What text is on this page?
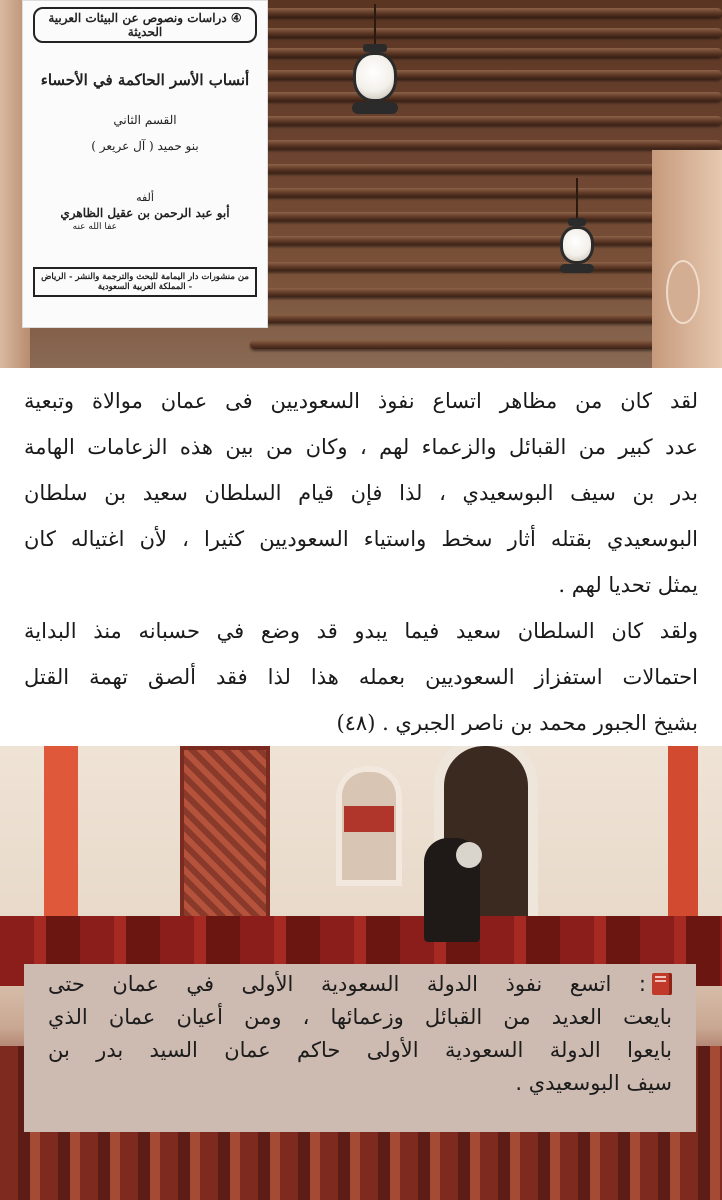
④ دراسات ونصوص عن البيئات العربية الحديثة
أنساب الأسر الحاكمة في الأحساء
القسم الثاني
بنو حميد ( آل عريعر )
ألفه
أبو عبد الرحمن بن عقيل الظاهري
عفا الله عنه
من منشورات دار اليمامة للبحث والترجمة والنشر - الرياض - المملكة العربية السعودية
لقد كان من مظاهر اتساع نفوذ السعوديين فى عمان موالاة وتبعية
عدد كبير من القبائل والزعماء لهم ، وكان من بين هذه الزعامات الهامة
بدر بن سيف البوسعيدي ، لذا فإن قيام السلطان سعيد بن سلطان
البوسعيدي بقتله أثار سخط واستياء السعوديين كثيرا ، لأن اغتياله كان
يمثل تحديا لهم .
ولقد كان السلطان سعيد فيما يبدو قد وضع في حسبانه منذ البداية
احتمالات استفزاز السعوديين بعمله هذا لذا فقد ألصق تهمة القتل
بشيخ الجبور محمد بن ناصر الجبري . (٤٨)
: اتسع نفوذ الدولة السعودية الأولى في عمان حتى
بايعت العديد من القبائل وزعمائها ، ومن أعيان عمان الذي
بايعوا الدولة السعودية الأولى حاكم عمان السيد بدر بن
سيف البوسعيدي .
